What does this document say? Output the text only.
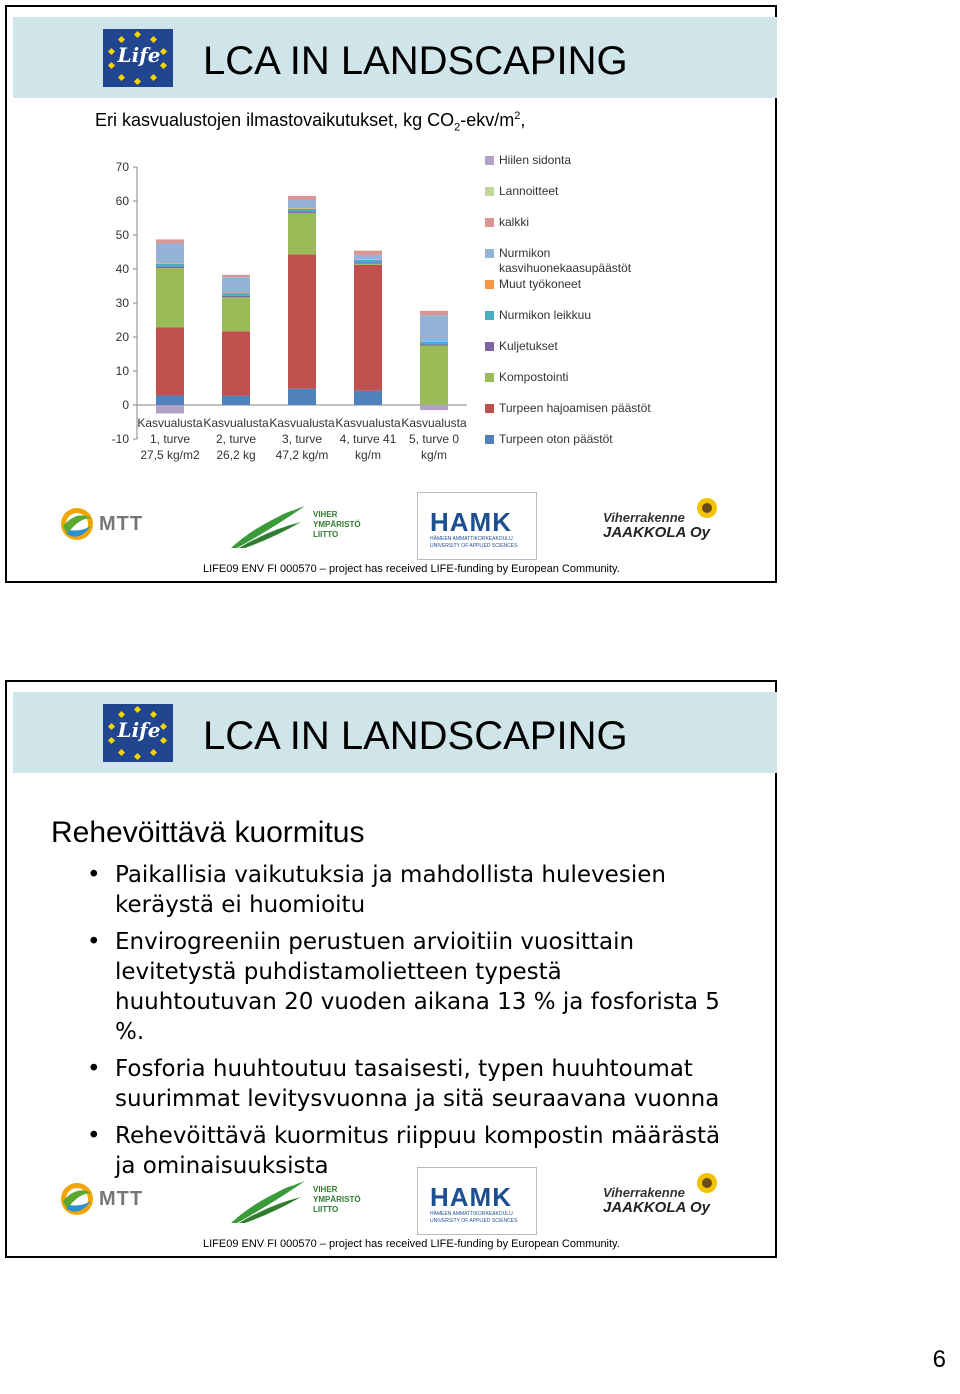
Life LCA IN LANDSCAPING
Eri kasvualustojen ilmastovaikutukset, kg $CO_2-ekv/m^2$,
-10
0
10
20
30
40
50
60
70
Kasvualusta
1, turve
27,5 kg/m2
Kasvualusta
2, turve
26,2 kg
Kasvualusta
3, turve
47,2 kg/m
Kasvualusta
4, turve 41
kg/m
Kasvualusta
5, turve 0
kg/m
Hiilen sidonta
Lannoitteet
kalkki
Nurmikon
kasvihuonekaasupäästöt
Muut työkoneet
Nurmikon leikkuu
Kuljetukset
Kompostointi
Turpeen hajoamisen päästöt
Turpeen oton päästöt
MTT	VIHER
YMPÄRISTÖ
LIITTO	HAMK
HÄMEEN AMMATTIKORKEAKOULU
UNIVERSITY OF APPLIED SCIENCES
Viherrakenne
JAAKKOLA Oy
LIFE09 ENV FI 000570 – project has received LIFE-funding by European Community.
Life LCA IN LANDSCAPING
MTT	VIHER
YMPÄRISTÖ
LIITTO	HAMK
HÄMEEN AMMATTIKORKEAKOULU
UNIVERSITY OF APPLIED SCIENCES
Viherrakenne
JAAKKOLA Oy
Rehevöittävä kuormitus
• Paikallisia vaikutuksia ja mahdollista hulevesien keräystä ei huomioitu
• Envirogreeniin perustuen arvioitiin vuosittain levitetystä puhdistamolietteen typestä huuhtoutuvan 20 vuoden aikana 13 % ja fosforista 5 %.
• Fosforia huuhtoutuu tasaisesti, typen huuhtoumat suurimmat levitysvuonna ja sitä seuraavana vuonna
• Rehevöittävä kuormitus riippuu kompostin määrästä ja ominaisuuksista
LIFE09 ENV FI 000570 – project has received LIFE-funding by European Community.
6
